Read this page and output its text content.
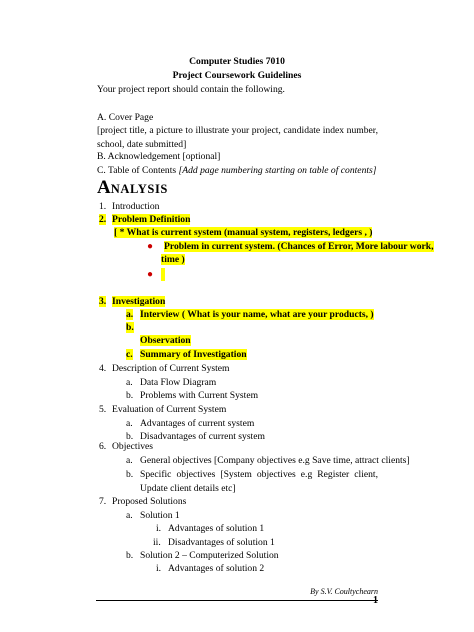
Computer Studies 7010
Project Coursework Guidelines
Your project report should contain the following.
A. Cover Page
[project title, a picture to illustrate your project, candidate index number, school, date submitted]
B. Acknowledgement [optional]
C. Table of Contents [Add page numbering starting on table of contents]
ANALYSIS
1. Introduction
2. Problem Definition
[ * What is current system (manual system, registers, ledgers , )
● Problem in current system. (Chances of Error, More labour work,
time )
●
3. Investigation
a. Interview ( What is your name, what are your products, )
b.
Observation
c. Summary of Investigation
4. Description of Current System
a. Data Flow Diagram
b. Problems with Current System
5. Evaluation of Current System
a. Advantages of current system
b. Disadvantages of current system
6. Objectives
a. General objectives [Company objectives e.g Save time, attract clients]
b. Specific objectives [System objectives e.g Register client, Update client details etc]
7. Proposed Solutions
a. Solution 1
i. Advantages of solution 1
ii. Disadvantages of solution 1
b. Solution 2 – Computerized Solution
i. Advantages of solution 2
By S.V. Coultychearn
1
